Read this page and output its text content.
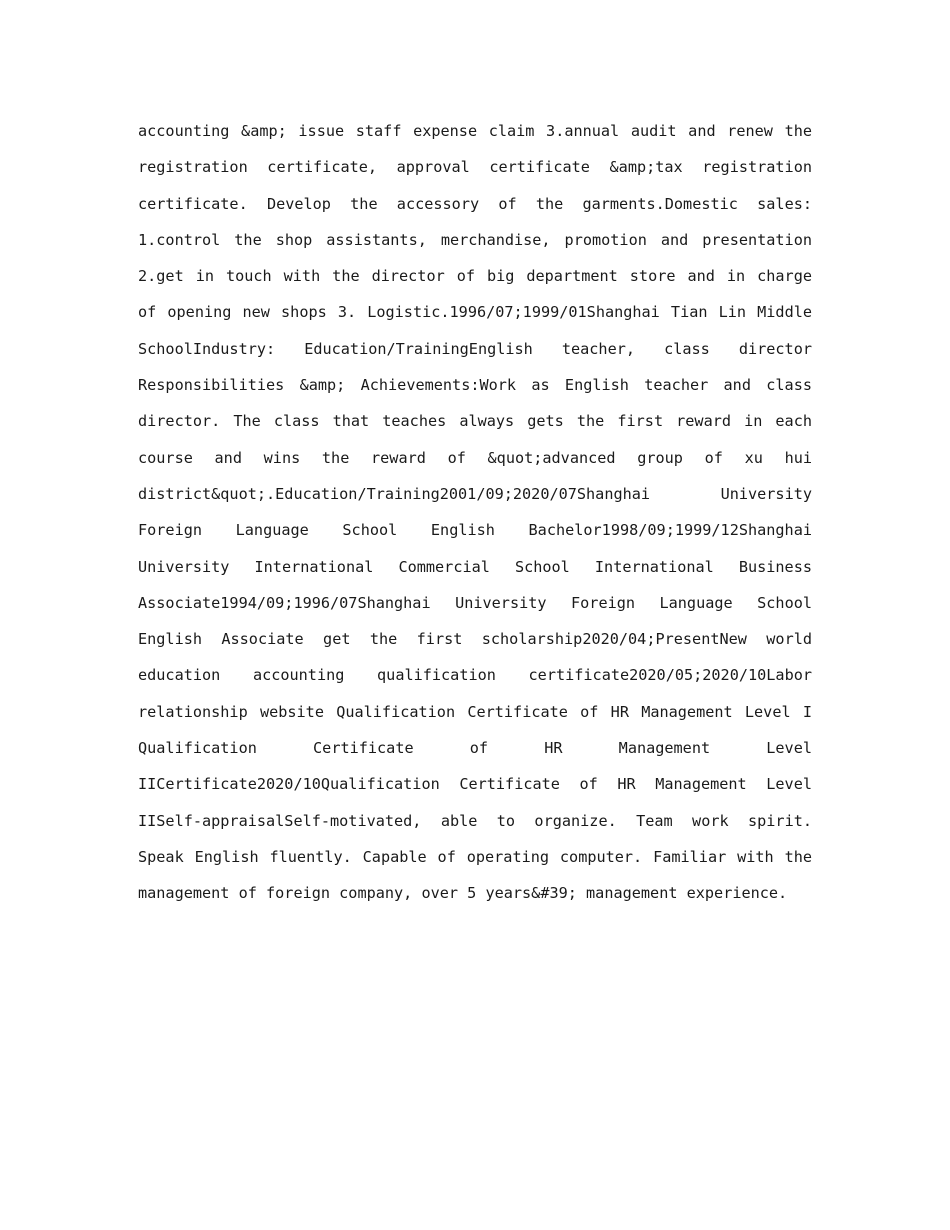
accounting &amp; issue staff expense claim 3.annual audit and renew the
registration certificate, approval certificate &amp;tax registration
certificate. Develop the accessory of the garments.Domestic sales:
1.control the shop assistants, merchandise, promotion and presentation
2.get in touch with the director of big department store and in charge
of opening new shops 3. Logistic.1996/07;1999/01Shanghai Tian Lin Middle
SchoolIndustry: Education/TrainingEnglish teacher, class director
Responsibilities &amp; Achievements:Work as English teacher and class
director. The class that teaches always gets the first reward in each
course and wins the reward of &quot;advanced group of xu hui
district&quot;.Education/Training2001/09;2020/07Shanghai University
Foreign Language School English Bachelor1998/09;1999/12Shanghai
University International Commercial School International Business
Associate1994/09;1996/07Shanghai University Foreign Language School
English Associate get the first scholarship2020/04;PresentNew world
education accounting qualification certificate2020/05;2020/10Labor
relationship website Qualification Certificate of HR Management Level I
Qualification Certificate of HR Management Level
IICertificate2020/10Qualification Certificate of HR Management Level
IISelf-appraisalSelf-motivated, able to organize. Team work spirit.
Speak English fluently. Capable of operating computer. Familiar with the
management of foreign company, over 5 years&#39; management experience.
